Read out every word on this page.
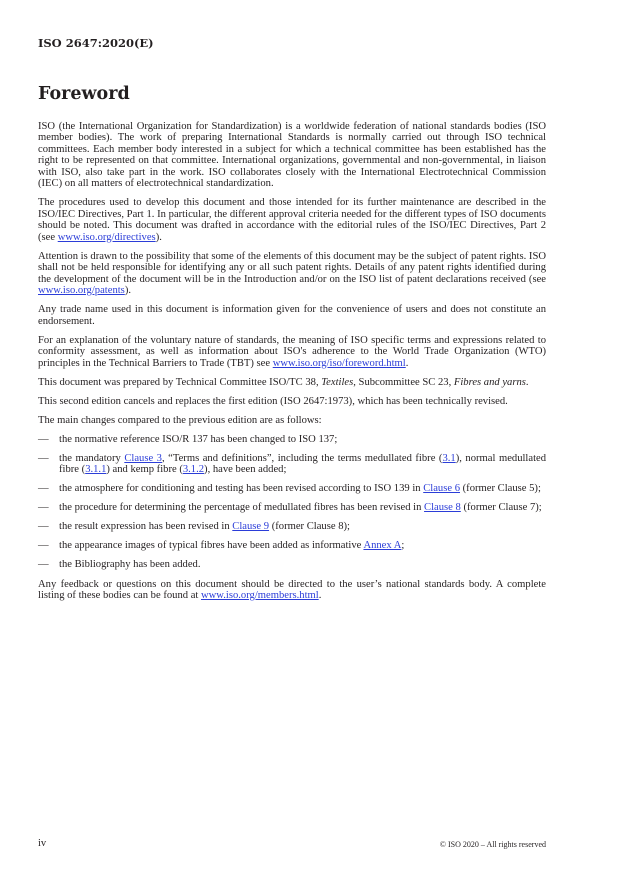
ISO 2647:2020(E)
Foreword
ISO (the International Organization for Standardization) is a worldwide federation of national standards bodies (ISO member bodies). The work of preparing International Standards is normally carried out through ISO technical committees. Each member body interested in a subject for which a technical committee has been established has the right to be represented on that committee. International organizations, governmental and non-governmental, in liaison with ISO, also take part in the work. ISO collaborates closely with the International Electrotechnical Commission (IEC) on all matters of electrotechnical standardization.
The procedures used to develop this document and those intended for its further maintenance are described in the ISO/IEC Directives, Part 1. In particular, the different approval criteria needed for the different types of ISO documents should be noted. This document was drafted in accordance with the editorial rules of the ISO/IEC Directives, Part 2 (see www.iso.org/directives).
Attention is drawn to the possibility that some of the elements of this document may be the subject of patent rights. ISO shall not be held responsible for identifying any or all such patent rights. Details of any patent rights identified during the development of the document will be in the Introduction and/or on the ISO list of patent declarations received (see www.iso.org/patents).
Any trade name used in this document is information given for the convenience of users and does not constitute an endorsement.
For an explanation of the voluntary nature of standards, the meaning of ISO specific terms and expressions related to conformity assessment, as well as information about ISO's adherence to the World Trade Organization (WTO) principles in the Technical Barriers to Trade (TBT) see www.iso.org/iso/foreword.html.
This document was prepared by Technical Committee ISO/TC 38, Textiles, Subcommittee SC 23, Fibres and yarns.
This second edition cancels and replaces the first edition (ISO 2647:1973), which has been technically revised.
The main changes compared to the previous edition are as follows:
— the normative reference ISO/R 137 has been changed to ISO 137;
— the mandatory Clause 3, “Terms and definitions”, including the terms medullated fibre (3.1), normal medullated fibre (3.1.1) and kemp fibre (3.1.2), have been added;
— the atmosphere for conditioning and testing has been revised according to ISO 139 in Clause 6 (former Clause 5);
— the procedure for determining the percentage of medullated fibres has been revised in Clause 8 (former Clause 7);
— the result expression has been revised in Clause 9 (former Clause 8);
— the appearance images of typical fibres have been added as informative Annex A;
— the Bibliography has been added.
Any feedback or questions on this document should be directed to the user’s national standards body. A complete listing of these bodies can be found at www.iso.org/members.html.
iv	© ISO 2020 – All rights reserved
